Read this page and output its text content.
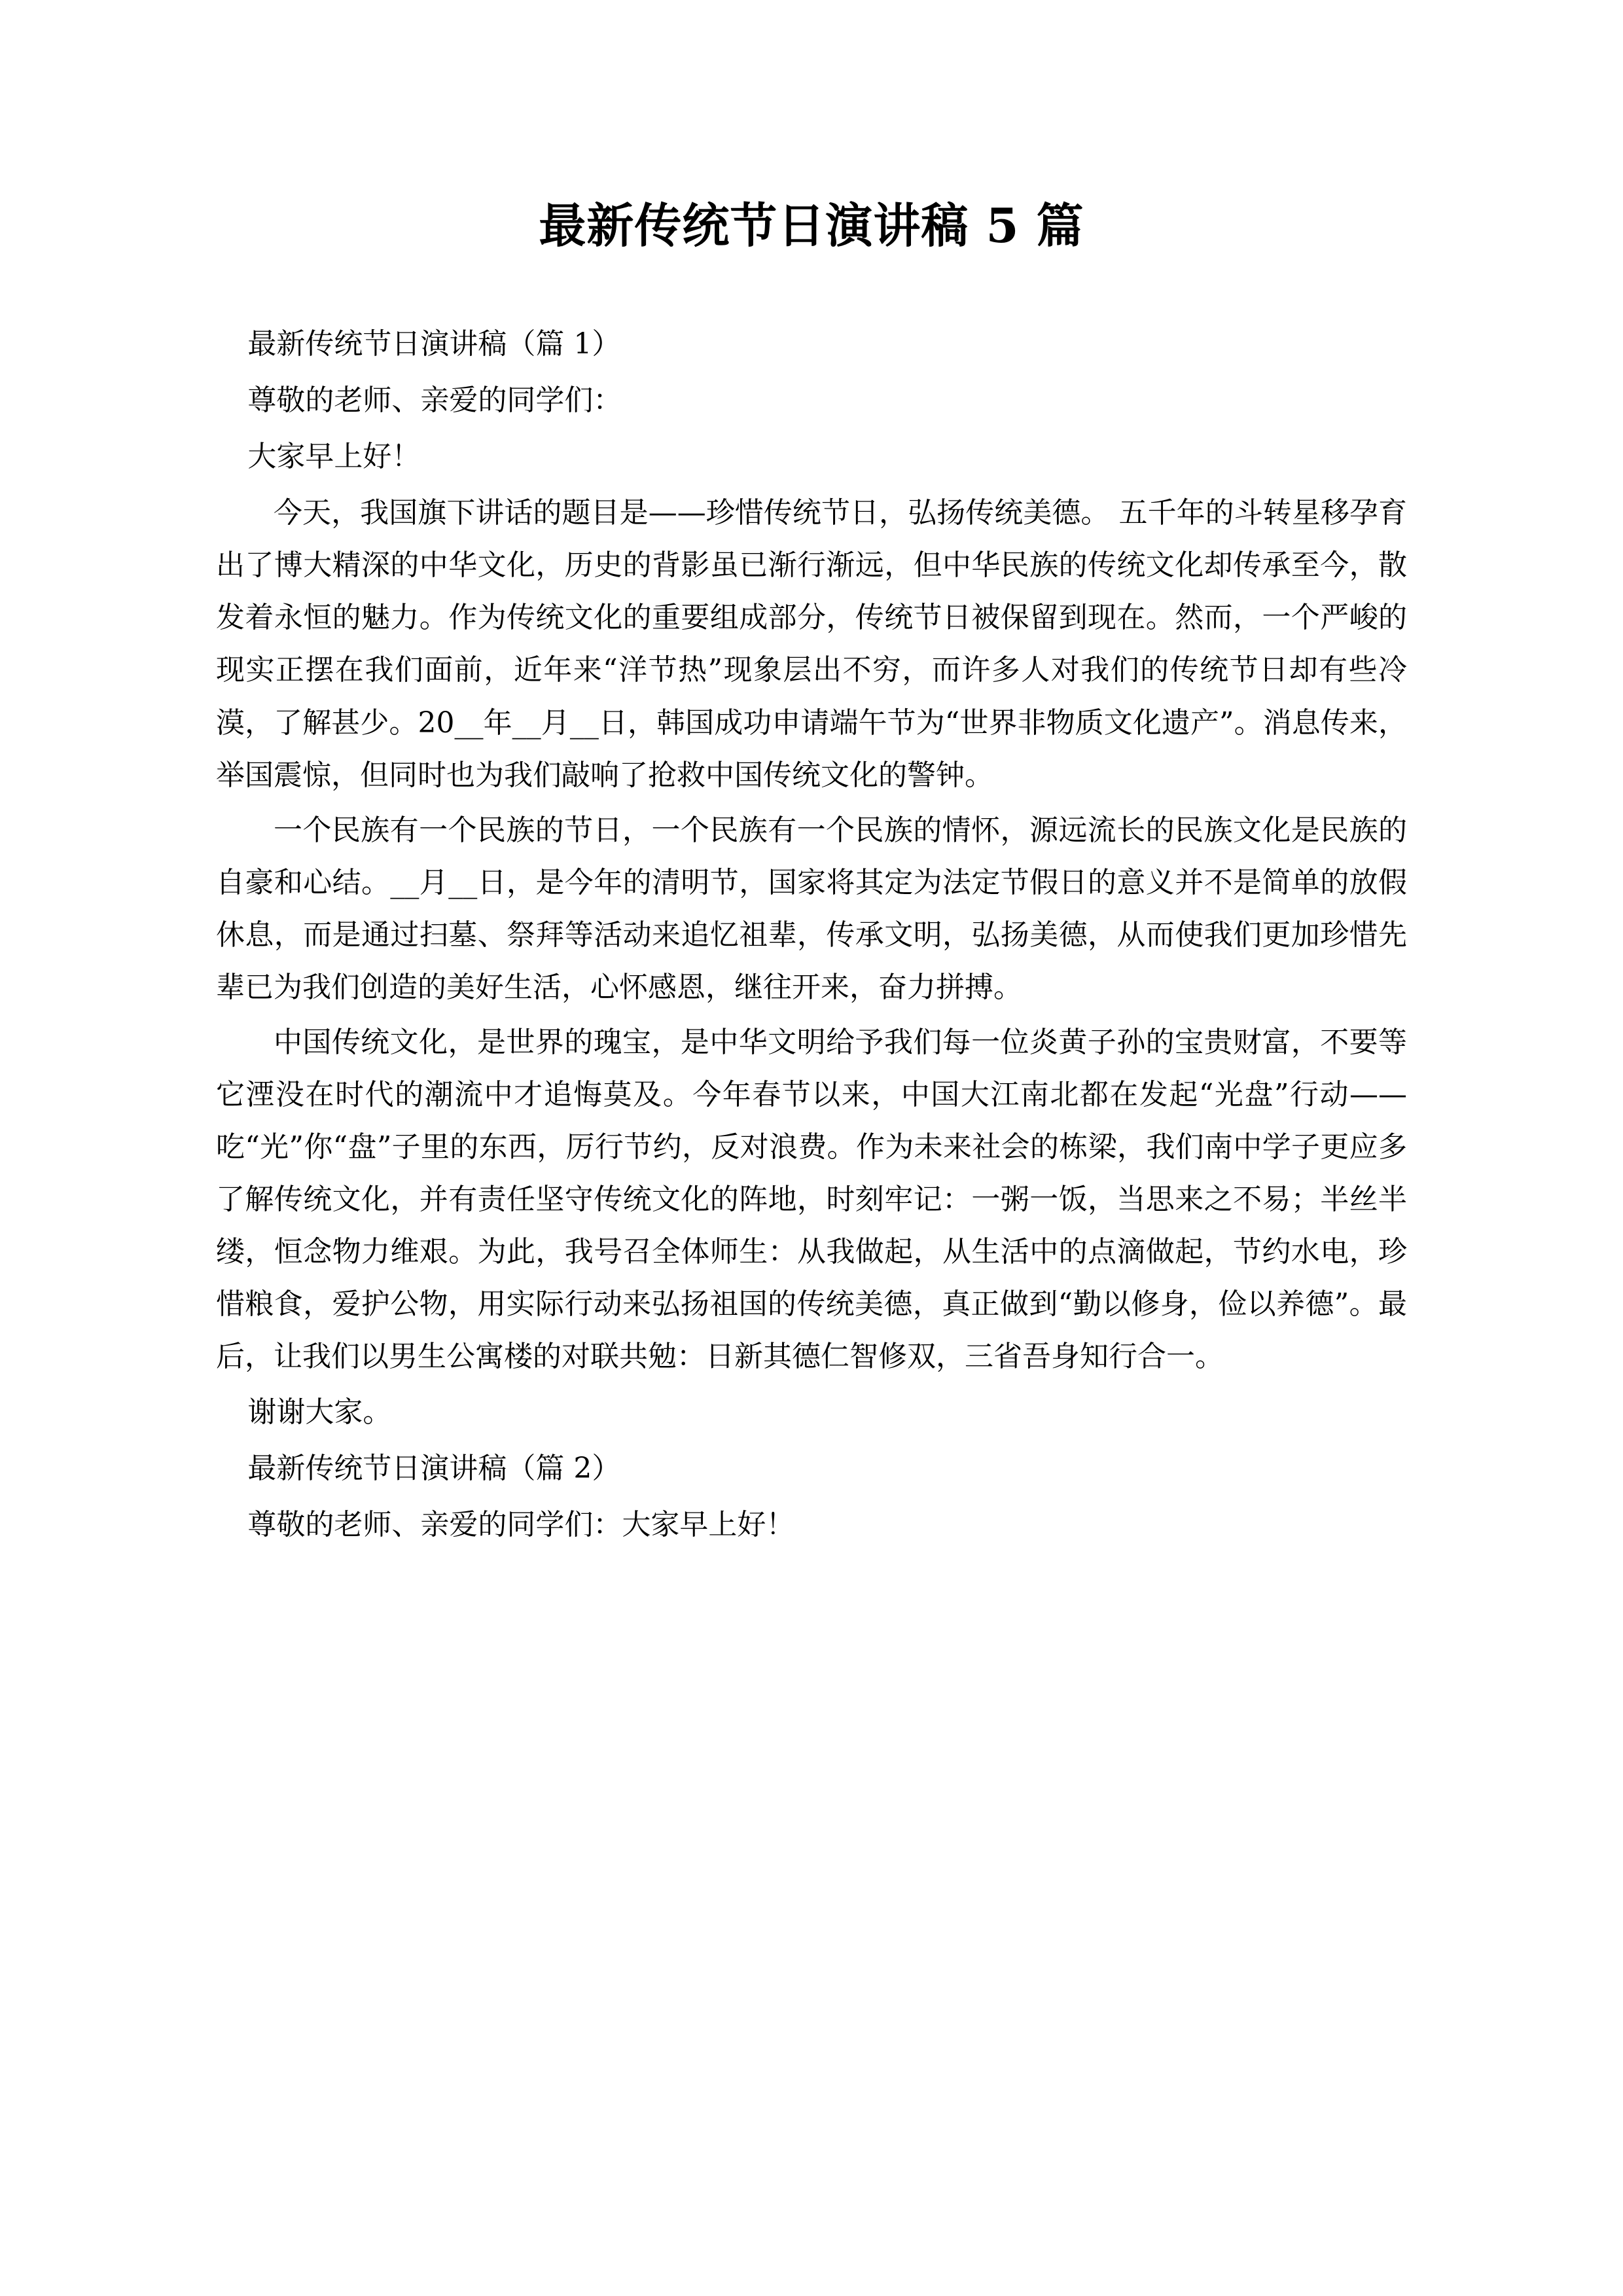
最新传统节日演讲稿 5 篇

最新传统节日演讲稿（篇 1）

尊敬的老师、亲爱的同学们：

大家早上好！

今天，我国旗下讲话的题目是——珍惜传统节日，弘扬传统美德。 五千年的斗转星移孕育出了博大精深的中华文化，历史的背影虽已渐行渐远，但中华民族的传统文化却传承至今，散发着永恒的魅力。作为传统文化的重要组成部分，传统节日被保留到现在。然而，一个严峻的现实正摆在我们面前，近年来“洋节热”现象层出不穷，而许多人对我们的传统节日却有些冷漠，了解甚少。20__年__月__日，韩国成功申请端午节为“世界非物质文化遗产”。消息传来，举国震惊，但同时也为我们敲响了抢救中国传统文化的警钟。

一个民族有一个民族的节日，一个民族有一个民族的情怀，源远流长的民族文化是民族的自豪和心结。__月__日，是今年的清明节，国家将其定为法定节假日的意义并不是简单的放假休息，而是通过扫墓、祭拜等活动来追忆祖辈，传承文明，弘扬美德，从而使我们更加珍惜先辈已为我们创造的美好生活，心怀感恩，继往开来，奋力拼搏。

中国传统文化，是世界的瑰宝，是中华文明给予我们每一位炎黄子孙的宝贵财富，不要等它湮没在时代的潮流中才追悔莫及。今年春节以来，中国大江南北都在发起“光盘”行动——吃“光”你“盘”子里的东西，厉行节约，反对浪费。作为未来社会的栋梁，我们南中学子更应多了解传统文化，并有责任坚守传统文化的阵地，时刻牢记：一粥一饭，当思来之不易；半丝半缕，恒念物力维艰。为此，我号召全体师生：从我做起，从生活中的点滴做起，节约水电，珍惜粮食，爱护公物，用实际行动来弘扬祖国的传统美德，真正做到“勤以修身，俭以养德”。最后，让我们以男生公寓楼的对联共勉：日新其德仁智修双，三省吾身知行合一。

谢谢大家。

最新传统节日演讲稿（篇 2）

尊敬的老师、亲爱的同学们：大家早上好！
